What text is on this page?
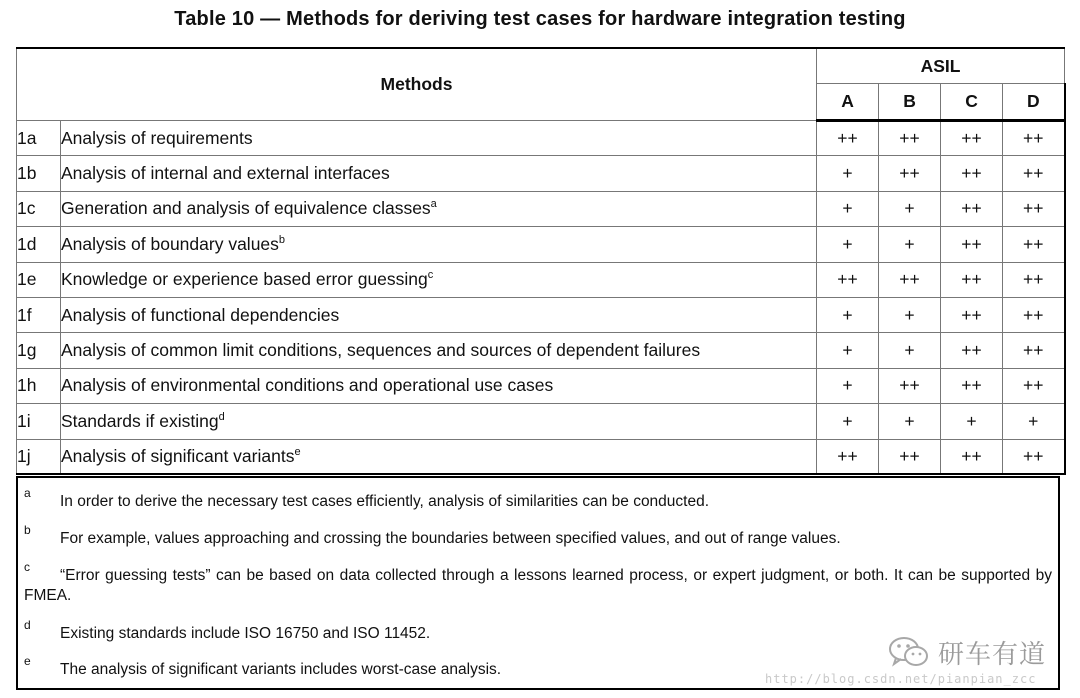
Table 10 — Methods for deriving test cases for hardware integration testing
Methods		ASIL			
		A	B	C	D
1a	Analysis of requirements	++	++	++	++
1b	Analysis of internal and external interfaces	+	++	++	++
1c	Generation and analysis of equivalence classes$^a$	+	+	++	++
1d	Analysis of boundary values$^b$	+	+	++	++
1e	Knowledge or experience based error guessing$^c$	++	++	++	++
1f	Analysis of functional dependencies	+	+	++	++
1g	Analysis of common limit conditions, sequences and sources of dependent failures	+	+	++	++
1h	Analysis of environmental conditions and operational use cases	+	++	++	++
1i	Standards if existing$^d$	+	+	+	+
1j	Analysis of significant variants$^e$	++	++	++	++
a In order to derive the necessary test cases efficiently, analysis of similarities can be conducted.
b For example, values approaching and crossing the boundaries between specified values, and out of range values.
c	“Error guessing tests” can be based on data collected through a lessons learned process, or expert judgment, or both. It can be supported by FMEA.
d Existing standards include ISO 16750 and ISO 11452.
e The analysis of significant variants includes worst-case analysis.	研车有道
http://blog.csdn.net/pianpian_zcc
